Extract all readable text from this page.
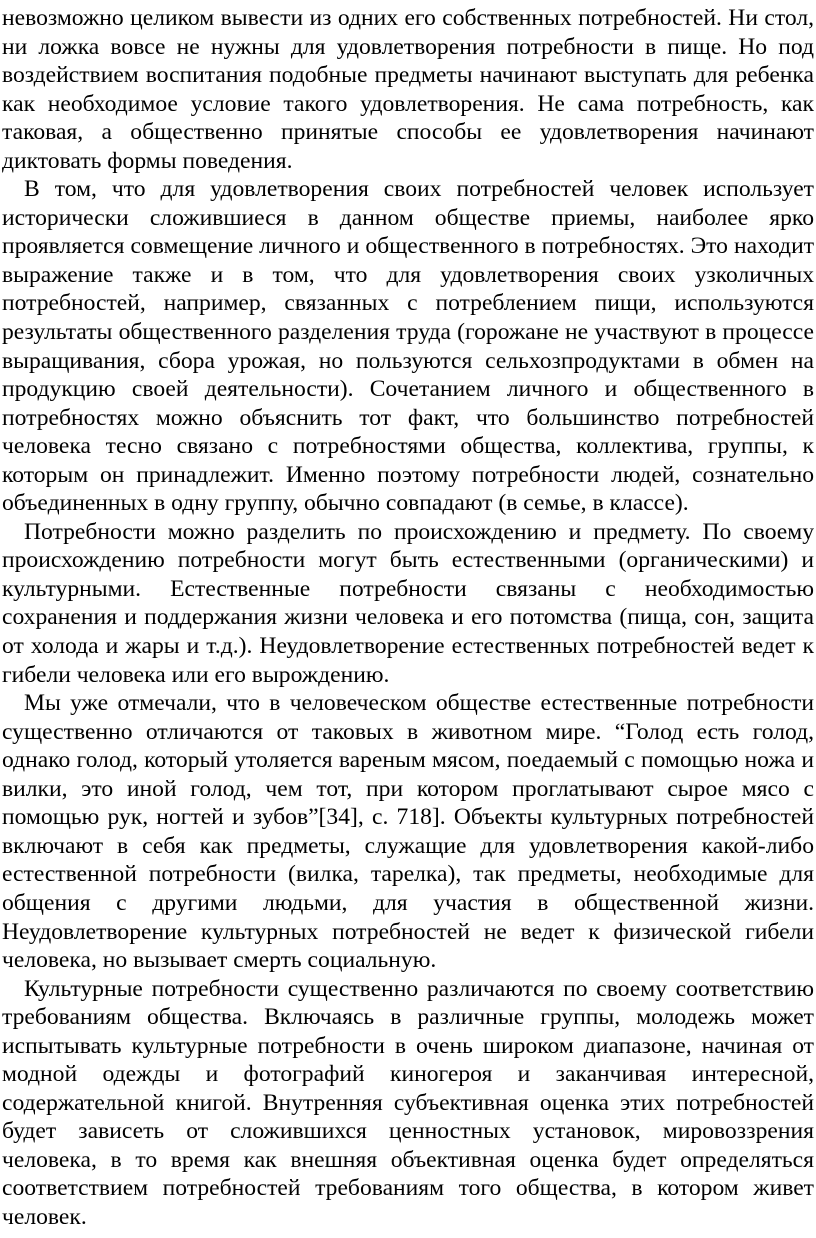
невозможно целиком вывести из одних его собственных потребностей. Ни стол, ни ложка вовсе не нужны для удовлетворения потребности в пище. Но под воздействием воспитания подобные предметы начинают выступать для ребенка как необходимое условие такого удовлетворения. Не сама потребность, как таковая, а общественно принятые способы ее удовлетворения начинают диктовать формы поведения.

В том, что для удовлетворения своих потребностей человек использует исторически сложившиеся в данном обществе приемы, наиболее ярко проявляется совмещение личного и общественного в потребностях. Это находит выражение также и в том, что для удовлетворения своих узколичных потребностей, например, связанных с потреблением пищи, используются результаты общественного разделения труда (горожане не участвуют в процессе выращивания, сбора урожая, но пользуются сельхозпродуктами в обмен на продукцию своей деятельности). Сочетанием личного и общественного в потребностях можно объяснить тот факт, что большинство потребностей человека тесно связано с потребностями общества, коллектива, группы, к которым он принадлежит. Именно поэтому потребности людей, сознательно объединенных в одну группу, обычно совпадают (в семье, в классе).

Потребности можно разделить по происхождению и предмету. По своему происхождению потребности могут быть естественными (органическими) и культурными. Естественные потребности связаны с необходимостью сохранения и поддержания жизни человека и его потомства (пища, сон, защита от холода и жары и т.д.). Неудовлетворение естественных потребностей ведет к гибели человека или его вырождению.

Мы уже отмечали, что в человеческом обществе естественные потребности существенно отличаются от таковых в животном мире. “Голод есть голод, однако голод, который утоляется вареным мясом, поедаемый с помощью ножа и вилки, это иной голод, чем тот, при котором проглатывают сырое мясо с помощью рук, ногтей и зубов”[34], с. 718]. Объекты культурных потребностей включают в себя как предметы, служащие для удовлетворения какой-либо естественной потребности (вилка, тарелка), так предметы, необходимые для общения с другими людьми, для участия в общественной жизни. Неудовлетворение культурных потребностей не ведет к физической гибели человека, но вызывает смерть социальную.

Культурные потребности существенно различаются по своему соответствию требованиям общества. Включаясь в различные группы, молодежь может испытывать культурные потребности в очень широком диапазоне, начиная от модной одежды и фотографий киногероя и заканчивая интересной, содержательной книгой. Внутренняя субъективная оценка этих потребностей будет зависеть от сложившихся ценностных установок, мировоззрения человека, в то время как внешняя объективная оценка будет определяться соответствием потребностей требованиям того общества, в котором живет человек.
